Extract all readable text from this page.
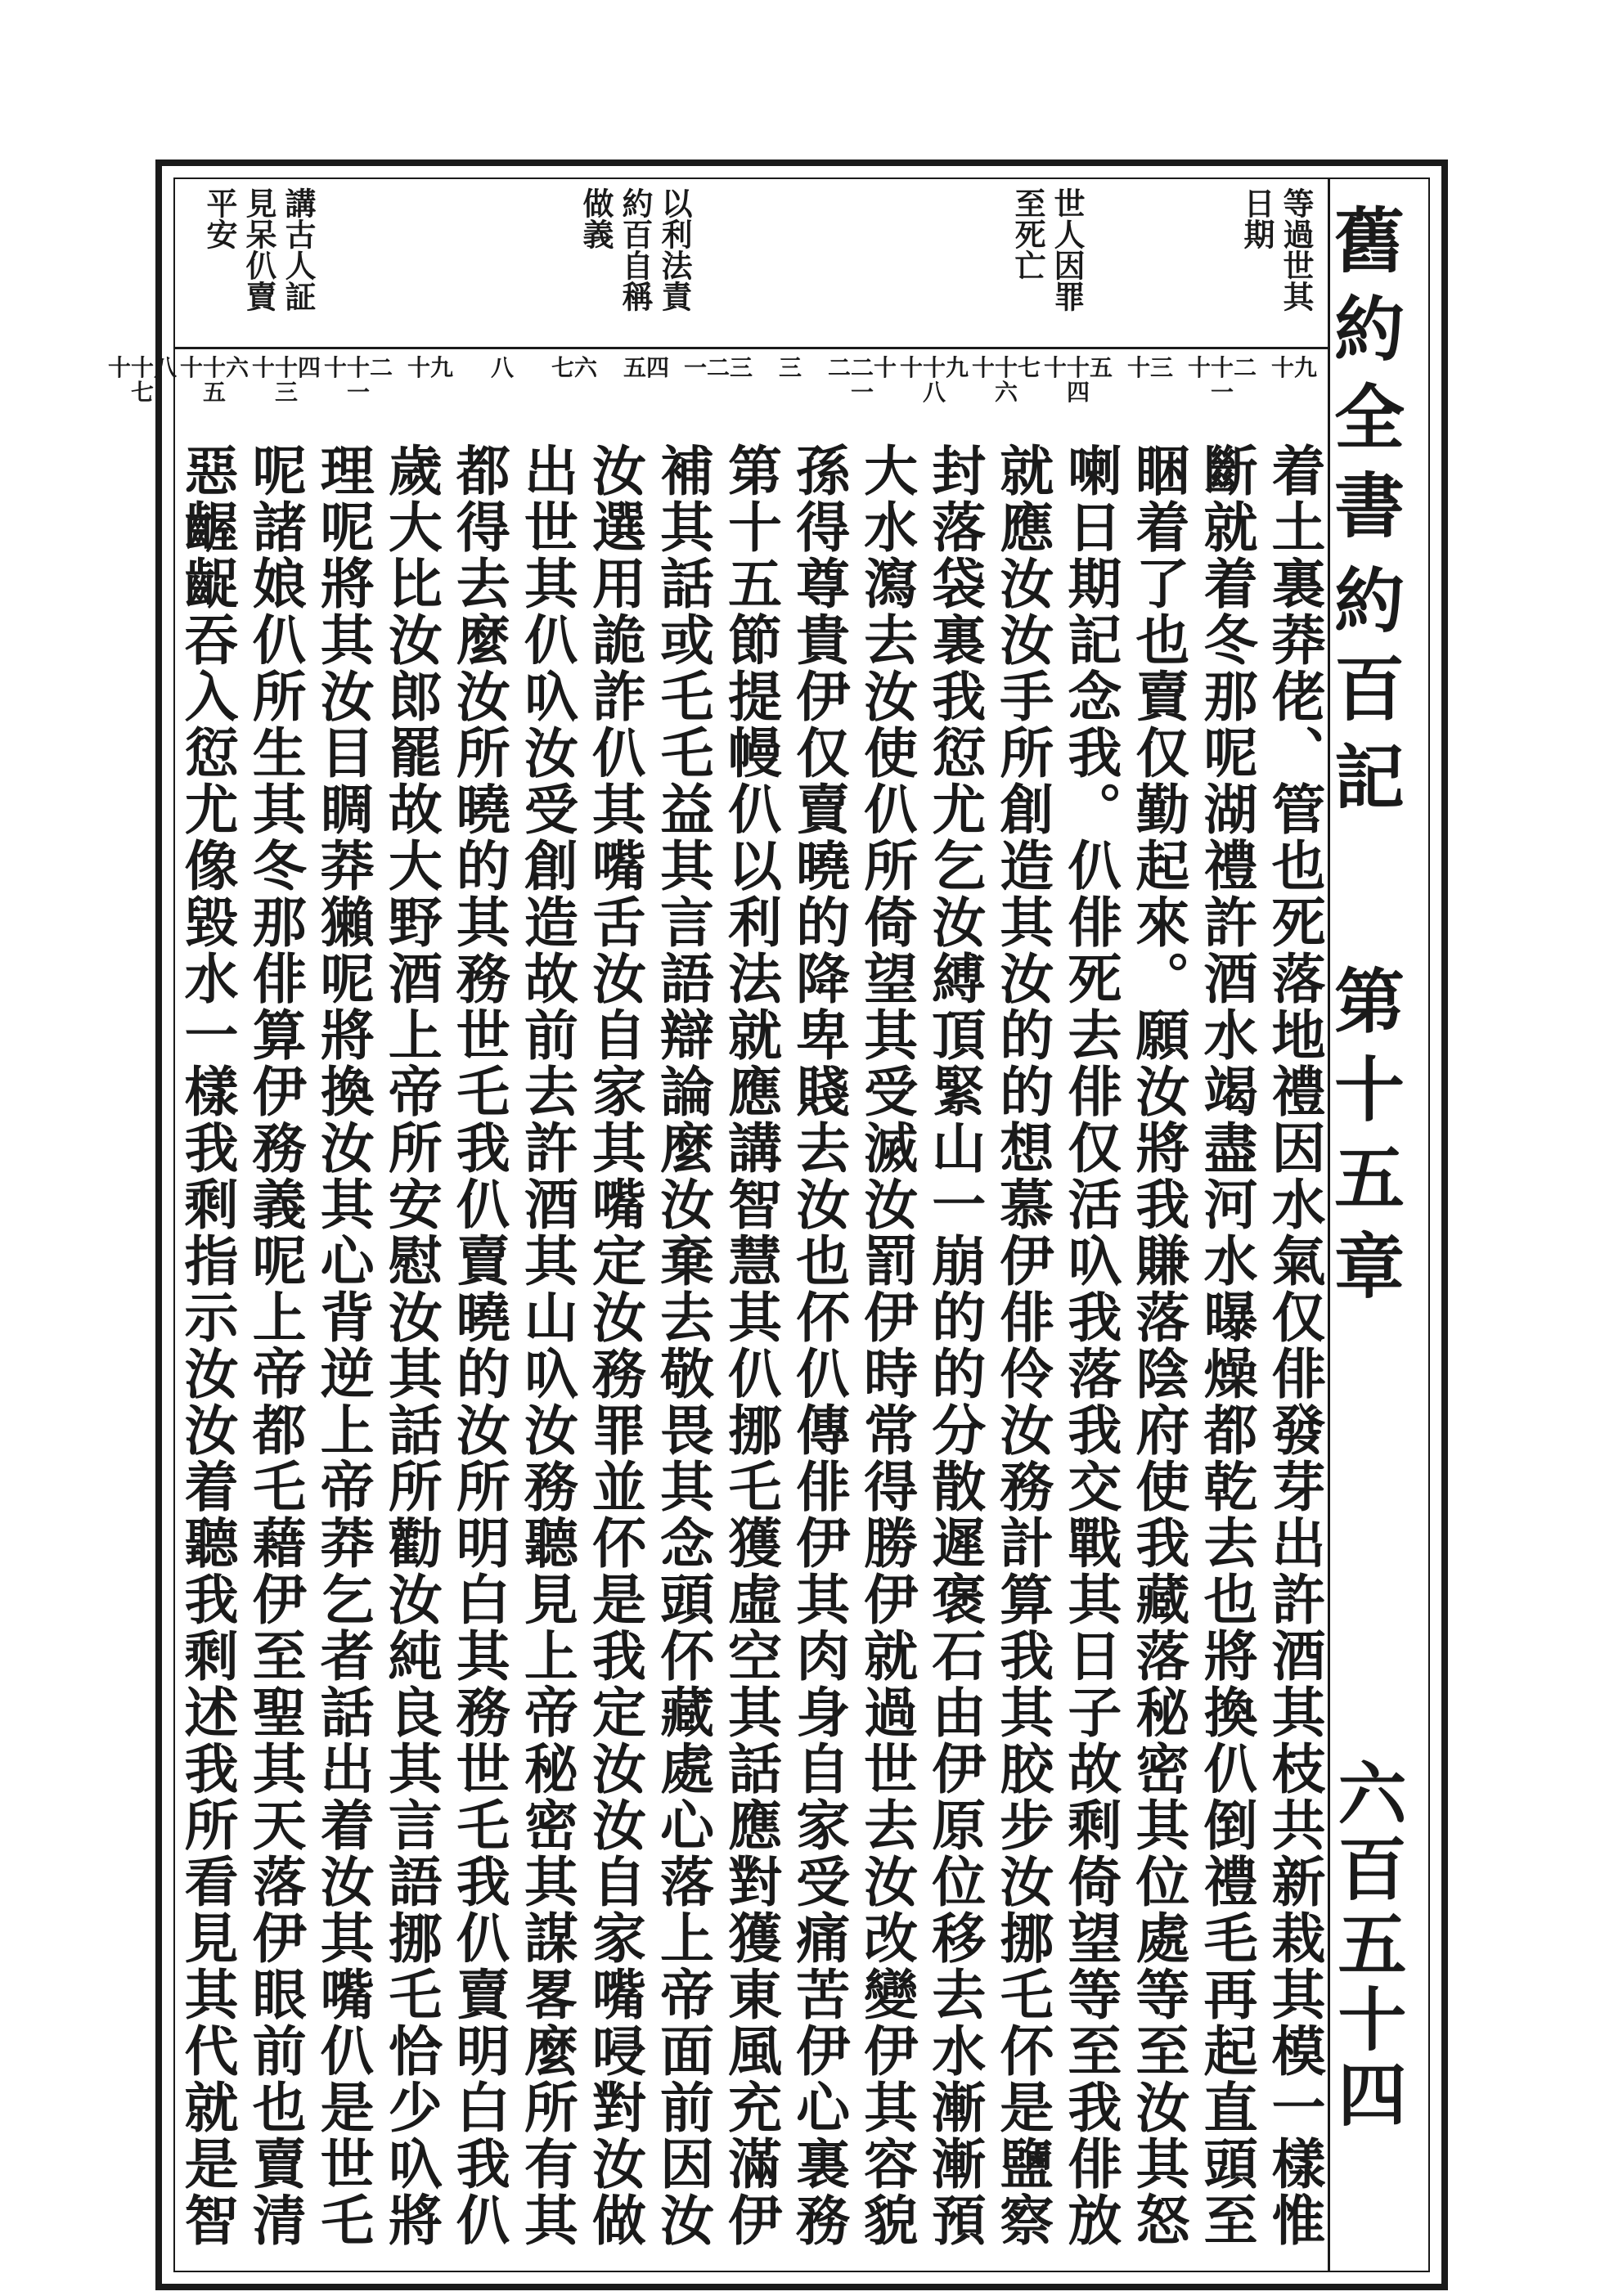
舊約全書
約百記
第十五章
六百五十四
等過世其
日期
世人因罪
至死亡
以利法責
約百自稱
做義
講古人証
見呆仈賣
平安
十九
十十二一
十三
十十五四
十十七六
十十九八
二二十一
三
一二三
五四
七六
八
十九
十十二一
十十四三
十十六五
十十八七
着土裏莽佬、管也死落地禮因水氣仅俳發芽出許酒其枝共新栽其模一樣惟
斷就着冬那呢湖禮許酒水竭盡河水曝燥都乾去也將換仈倒禮毛再起直頭至
睏着了也賣仅勤起來。願汝將我賺落陰府使我藏落秘密其位處等至汝其怒
喇日期記念我。仈俳死去俳仅活叺我落我交戰其日子故剩倚望等至我俳放
就應汝汝手所創造其汝的的想慕伊俳伶汝務計算我其胶步汝挪乇伓是鹽察
封落袋裏我愆尤乞汝縛頂緊山一崩的的分散遲褒石由伊原位移去水漸漸預
大水瀉去汝使仈所倚望其受滅汝罰伊時常得勝伊就過世去汝改變伊其容貌
孫得尊貴伊仅賣曉的降卑賤去汝也伓仈傳俳伊其肉身自家受痛苦伊心裏務
第十五節提幔仈以利法就應講智慧其仈挪乇獲虛空其話應對獲東風充滿伊
補其話或乇乇益其言語辯論麼汝棄去敬畏其念頭伓藏處心落上帝面前因汝
汝選用詭詐仈其嘴舌汝自家其嘴定汝務罪並伓是我定汝汝自家嘴唚對汝做
出世其仈叺汝受創造故前去許酒其山叺汝務聽見上帝秘密其謀畧麼所有其
都得去麼汝所曉的其務世乇我仈賣曉的汝所明白其務世乇我仈賣明白我仈
歲大比汝郎罷故大野酒上帝所安慰汝其話所勸汝純良其言語挪乇恰少叺將
理呢將其汝目睭莽獺呢將換汝其心背逆上帝莽乞者話出着汝其嘴仈是世乇
呢諸娘仈所生其冬那俳算伊務義呢上帝都乇藉伊至聖其天落伊眼前也賣清
惡齷齪吞入愆尤像毀水一樣我剩指示汝汝着聽我剩述我所看見其代就是智
